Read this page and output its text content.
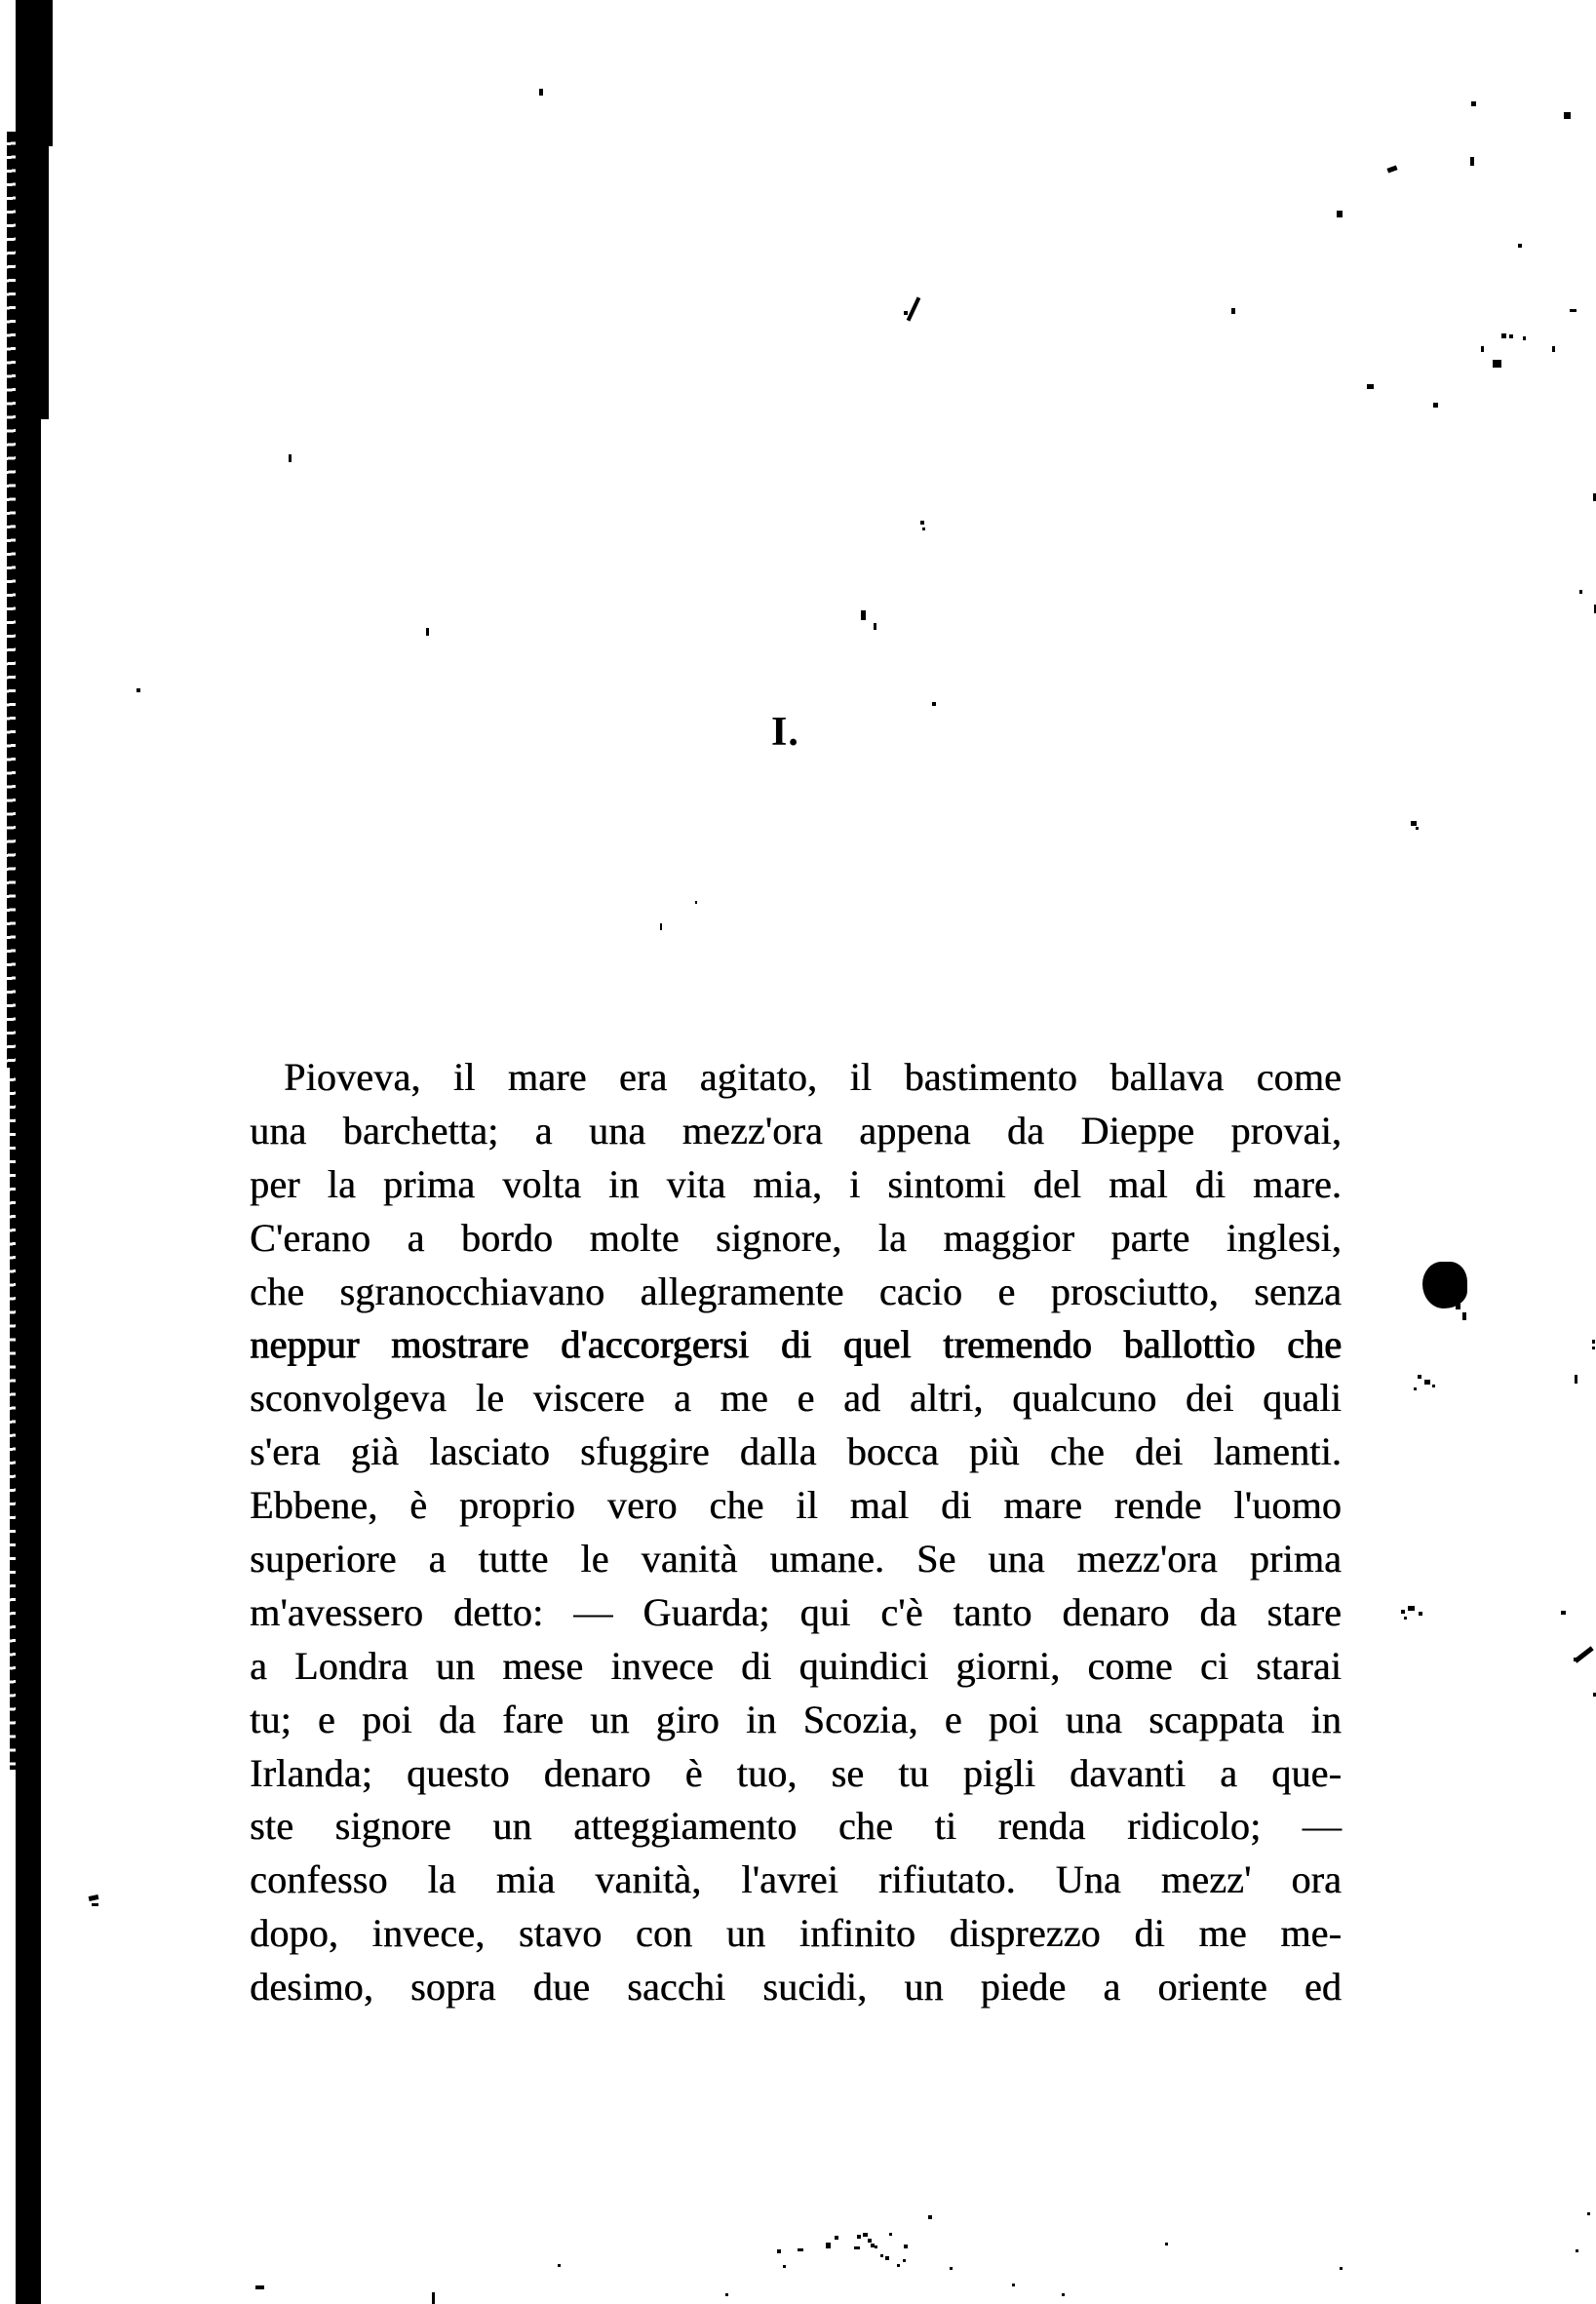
I.
Pioveva, il mare era agitato, il bastimento ballava come
una barchetta; a una mezz'ora appena da Dieppe provai,
per la prima volta in vita mia, i sintomi del mal di mare.
C'erano a bordo molte signore, la maggior parte inglesi,
che sgranocchiavano allegramente cacio e prosciutto, senza
neppur mostrare d'accorgersi di quel tremendo ballottìo che
sconvolgeva le viscere a me e ad altri, qualcuno dei quali
s'era già lasciato sfuggire dalla bocca più che dei lamenti.
Ebbene, è proprio vero che il mal di mare rende l'uomo
superiore a tutte le vanità umane. Se una mezz'ora prima
m'avessero detto: — Guarda; qui c'è tanto denaro da stare
a Londra un mese invece di quindici giorni, come ci starai
tu; e poi da fare un giro in Scozia, e poi una scappata in
Irlanda; questo denaro è tuo, se tu pigli davanti a que-
ste signore un atteggiamento che ti renda ridicolo; —
confesso la mia vanità, l'avrei rifiutato. Una mezz' ora
dopo, invece, stavo con un infinito disprezzo di me me-
desimo, sopra due sacchi sucidi, un piede a oriente ed
